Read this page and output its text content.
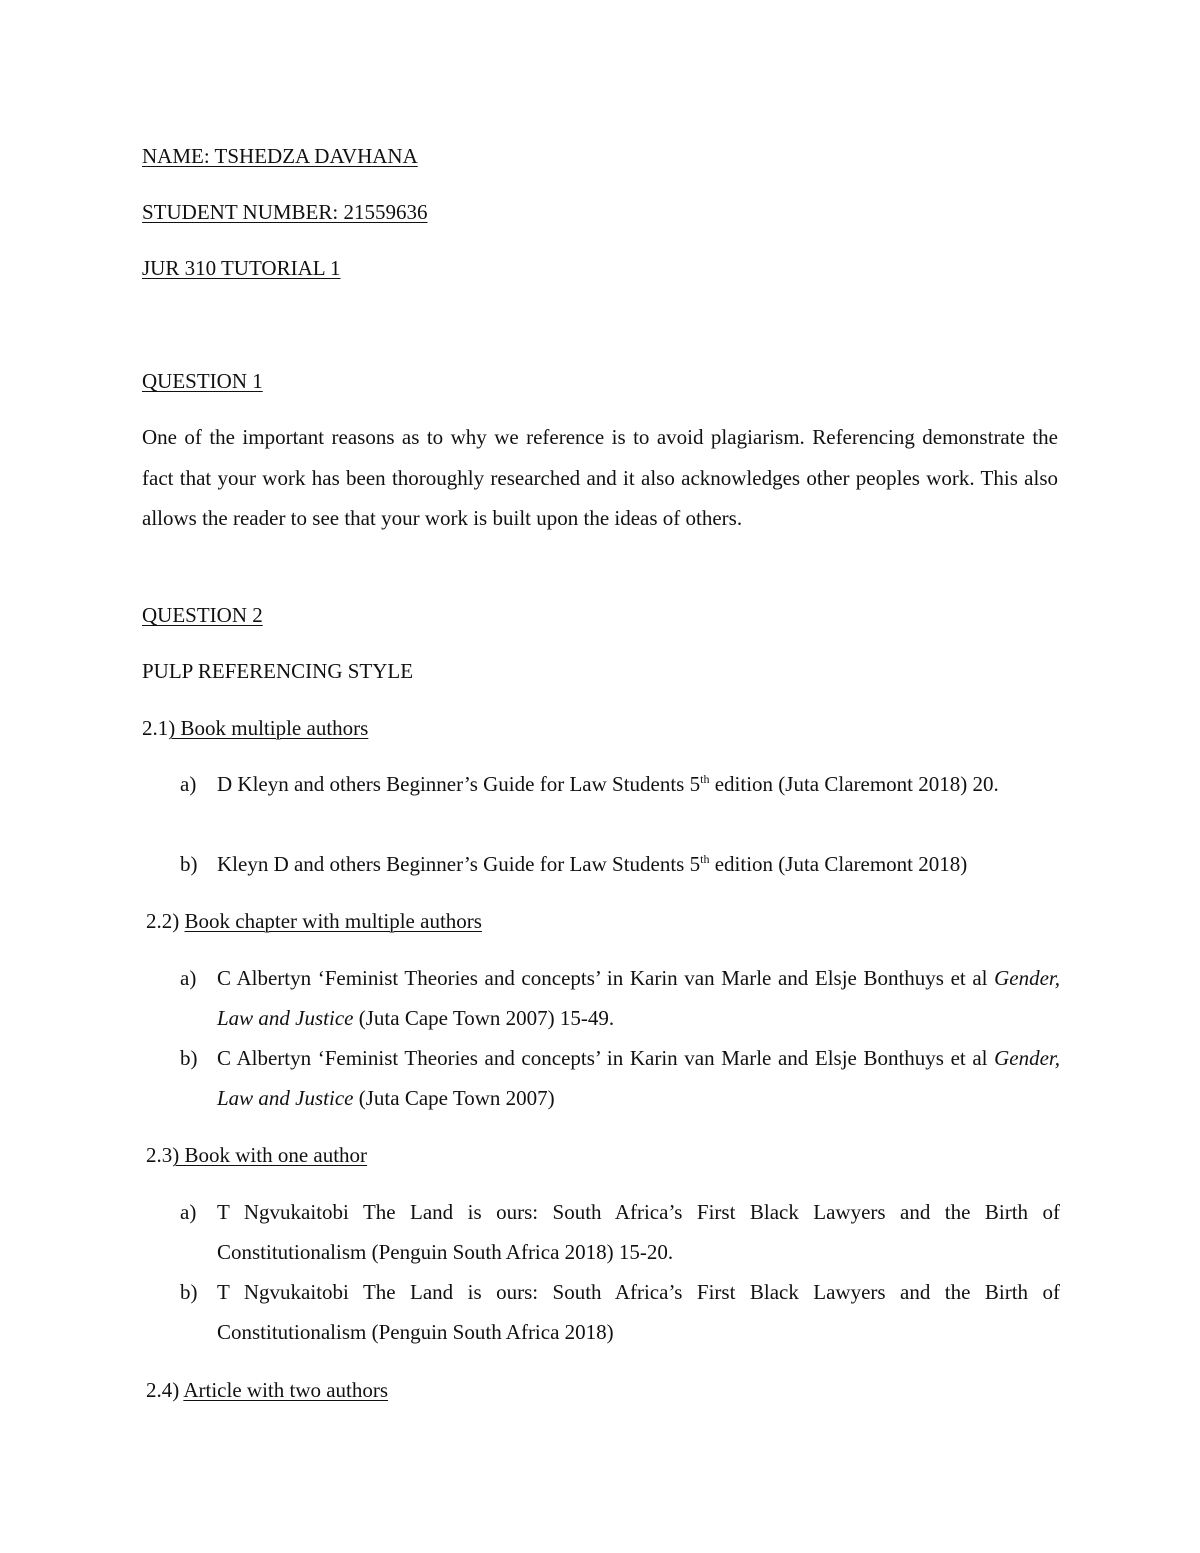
NAME: TSHEDZA DAVHANA
STUDENT NUMBER: 21559636
JUR 310 TUTORIAL 1
QUESTION 1
One of the important reasons as to why we reference is to avoid plagiarism. Referencing demonstrate the fact that your work has been thoroughly researched and it also acknowledges other peoples work. This also allows the reader to see that your work is built upon the ideas of others.
QUESTION 2
PULP REFERENCING STYLE
2.1) Book multiple authors
a) D Kleyn and others Beginner’s Guide for Law Students 5th edition (Juta Claremont 2018) 20.
b) Kleyn D and others Beginner’s Guide for Law Students 5th edition (Juta Claremont 2018)
2.2) Book chapter with multiple authors
a) C Albertyn ‘Feminist Theories and concepts’ in Karin van Marle and Elsje Bonthuys et al Gender, Law and Justice (Juta Cape Town 2007) 15-49.
b) C Albertyn ‘Feminist Theories and concepts’ in Karin van Marle and Elsje Bonthuys et al Gender, Law and Justice (Juta Cape Town 2007)
2.3) Book with one author
a) T Ngvukaitobi The Land is ours: South Africa’s First Black Lawyers and the Birth of Constitutionalism (Penguin South Africa 2018) 15-20.
b) T Ngvukaitobi The Land is ours: South Africa’s First Black Lawyers and the Birth of Constitutionalism (Penguin South Africa 2018)
2.4) Article with two authors
